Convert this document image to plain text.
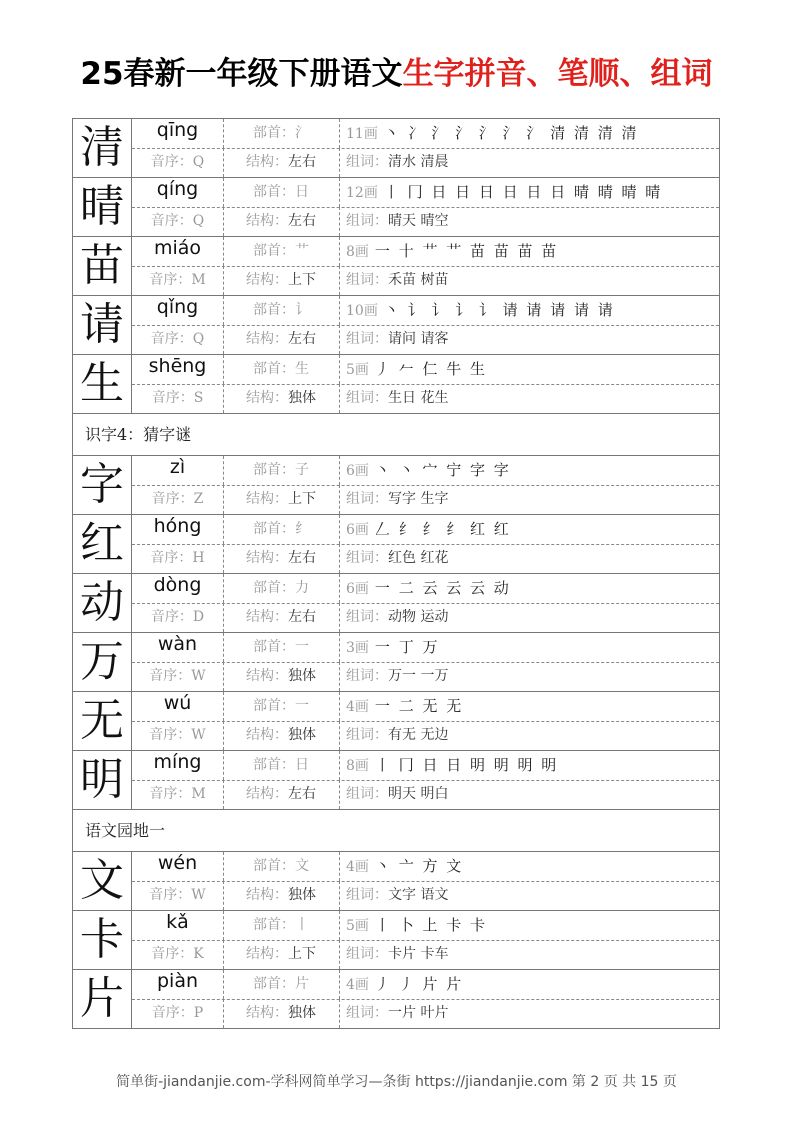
25春新一年级下册语文生字拼音、笔顺、组词
清	qīng	部首：氵	11画 丶 冫 氵 氵 氵 氵 氵 清 清 清 清
音序：Q	结构：左右	组词：清水 清晨
晴	qíng	部首：日	12画 丨 冂 日 日 日 日 日 日 晴 晴 晴 晴
音序：Q	结构：左右	组词：晴天 晴空
苗	miáo	部首：艹	8画 一 十 艹 艹 苗 苗 苗 苗
音序：M	结构：上下	组词：禾苗 树苗
请	qǐng	部首：讠	10画 丶 讠 讠 讠 讠 请 请 请 请 请
音序：Q	结构：左右	组词：请问 请客
生	shēng	部首：生	5画 丿 𠂉 仁 牛 生
音序：S	结构：独体	组词：生日 花生
识字4：猜字谜
字	zì	部首：子	6画 丶 丶 宀 宁 字 字
音序：Z	结构：上下	组词：写字 生字
红	hóng	部首：纟	6画 𠃋 纟 纟 纟 红 红
音序：H	结构：左右	组词：红色 红花
动	dòng	部首：力	6画 一 二 云 云 云 动
音序：D	结构：左右	组词：动物 运动
万	wàn	部首：一	3画 一 丁 万
音序：W	结构：独体	组词：万一 一万
无	wú	部首：一	4画 一 二 无 无
音序：W	结构：独体	组词：有无 无边
明	míng	部首：日	8画 丨 冂 日 日 明 明 明 明
音序：M	结构：左右	组词：明天 明白
语文园地一
文	wén	部首：文	4画 丶 亠 方 文
音序：W	结构：独体	组词：文字 语文
卡	kǎ	部首：丨	5画 丨 卜 上 卡 卡
音序：K	结构：上下	组词：卡片 卡车
片	piàn	部首：片	4画 丿 丿 片 片
音序：P	结构：独体	组词：一片 叶片
简单街-jiandanjie.com-学科网简单学习—条街 https://jiandanjie.com 第 2 页 共 15 页
